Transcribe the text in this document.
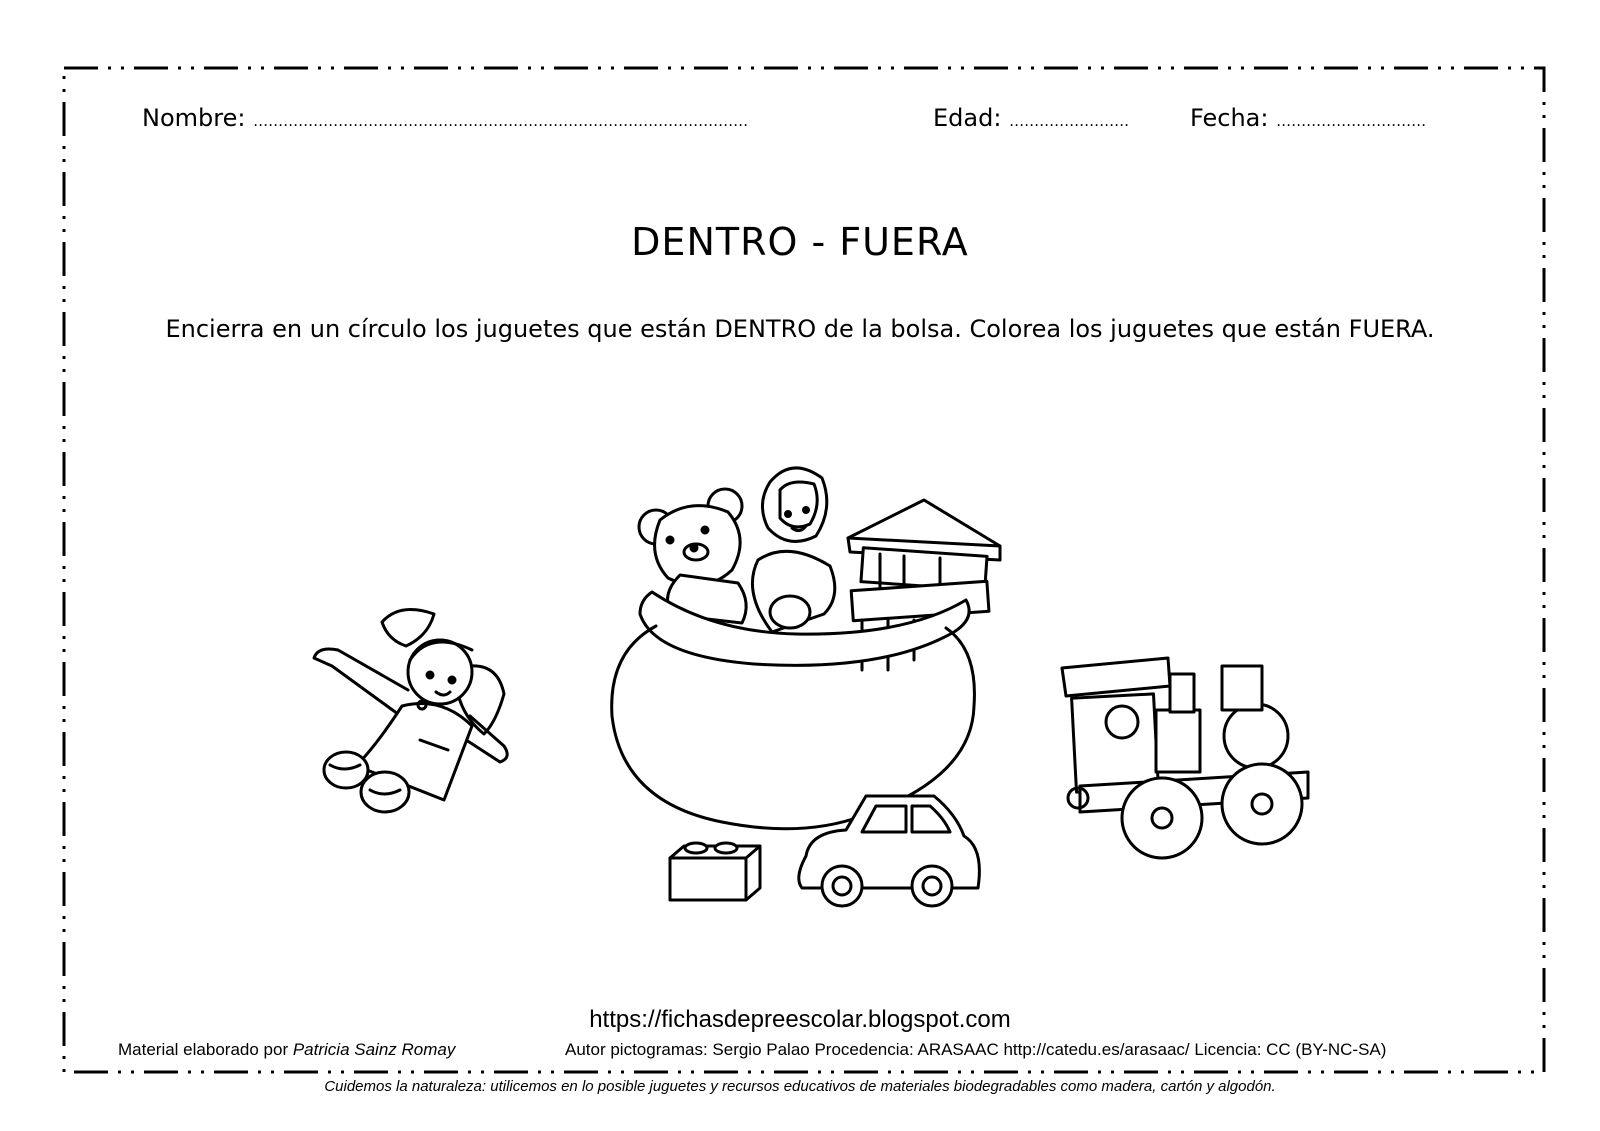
Nombre: ………………………………………………………………………………………	Edad: ……………………	Fecha: …………………………
DENTRO - FUERA
Encierra en un círculo los juguetes que están DENTRO de la bolsa. Colorea los juguetes que están FUERA.
https://fichasdepreescolar.blogspot.com
Material elaborado por Patricia Sainz Romay	Autor pictogramas: Sergio Palao Procedencia: ARASAAC http://catedu.es/arasaac/ Licencia: CC (BY-NC-SA)
Cuidemos la naturaleza: utilicemos en lo posible juguetes y recursos educativos de materiales biodegradables como madera, cartón y algodón.
